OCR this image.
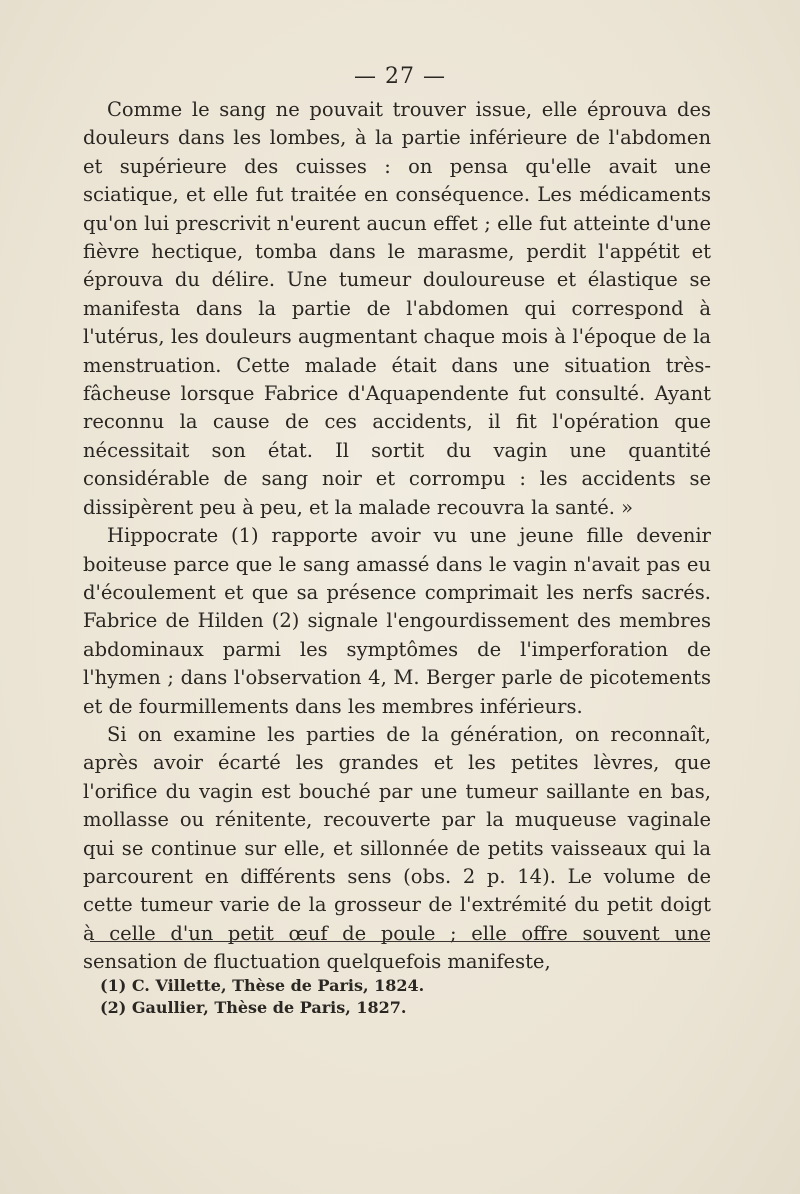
— 27 —

Comme le sang ne pouvait trouver issue, elle éprouva des douleurs dans les lombes, à la partie inférieure de l'abdomen et supérieure des cuisses : on pensa qu'elle avait une sciatique, et elle fut traitée en conséquence. Les médicaments qu'on lui prescrivit n'eurent aucun effet ; elle fut atteinte d'une fièvre hectique, tomba dans le marasme, perdit l'appétit et éprouva du délire. Une tumeur douloureuse et élastique se manifesta dans la partie de l'abdomen qui correspond à l'utérus, les douleurs augmentant chaque mois à l'époque de la menstruation. Cette malade était dans une situation très-fâcheuse lorsque Fabrice d'Aquapendente fut consulté. Ayant reconnu la cause de ces accidents, il fit l'opération que nécessitait son état. Il sortit du vagin une quantité considérable de sang noir et corrompu : les accidents se dissipèrent peu à peu, et la malade recouvra la santé. »

Hippocrate (1) rapporte avoir vu une jeune fille devenir boiteuse parce que le sang amassé dans le vagin n'avait pas eu d'écoulement et que sa présence comprimait les nerfs sacrés. Fabrice de Hilden (2) signale l'engourdissement des membres abdominaux parmi les symptômes de l'imperforation de l'hymen ; dans l'observation 4, M. Berger parle de picotements et de fourmillements dans les membres inférieurs.

Si on examine les parties de la génération, on reconnaît, après avoir écarté les grandes et les petites lèvres, que l'orifice du vagin est bouché par une tumeur saillante en bas, mollasse ou rénitente, recouverte par la muqueuse vaginale qui se continue sur elle, et sillonnée de petits vaisseaux qui la parcourent en différents sens (obs. 2 p. 14). Le volume de cette tumeur varie de la grosseur de l'extrémité du petit doigt à celle d'un petit œuf de poule ; elle offre souvent une sensation de fluctuation quelquefois manifeste,

(1) C. Villette, Thèse de Paris, 1824.
(2) Gaullier, Thèse de Paris, 1827.
